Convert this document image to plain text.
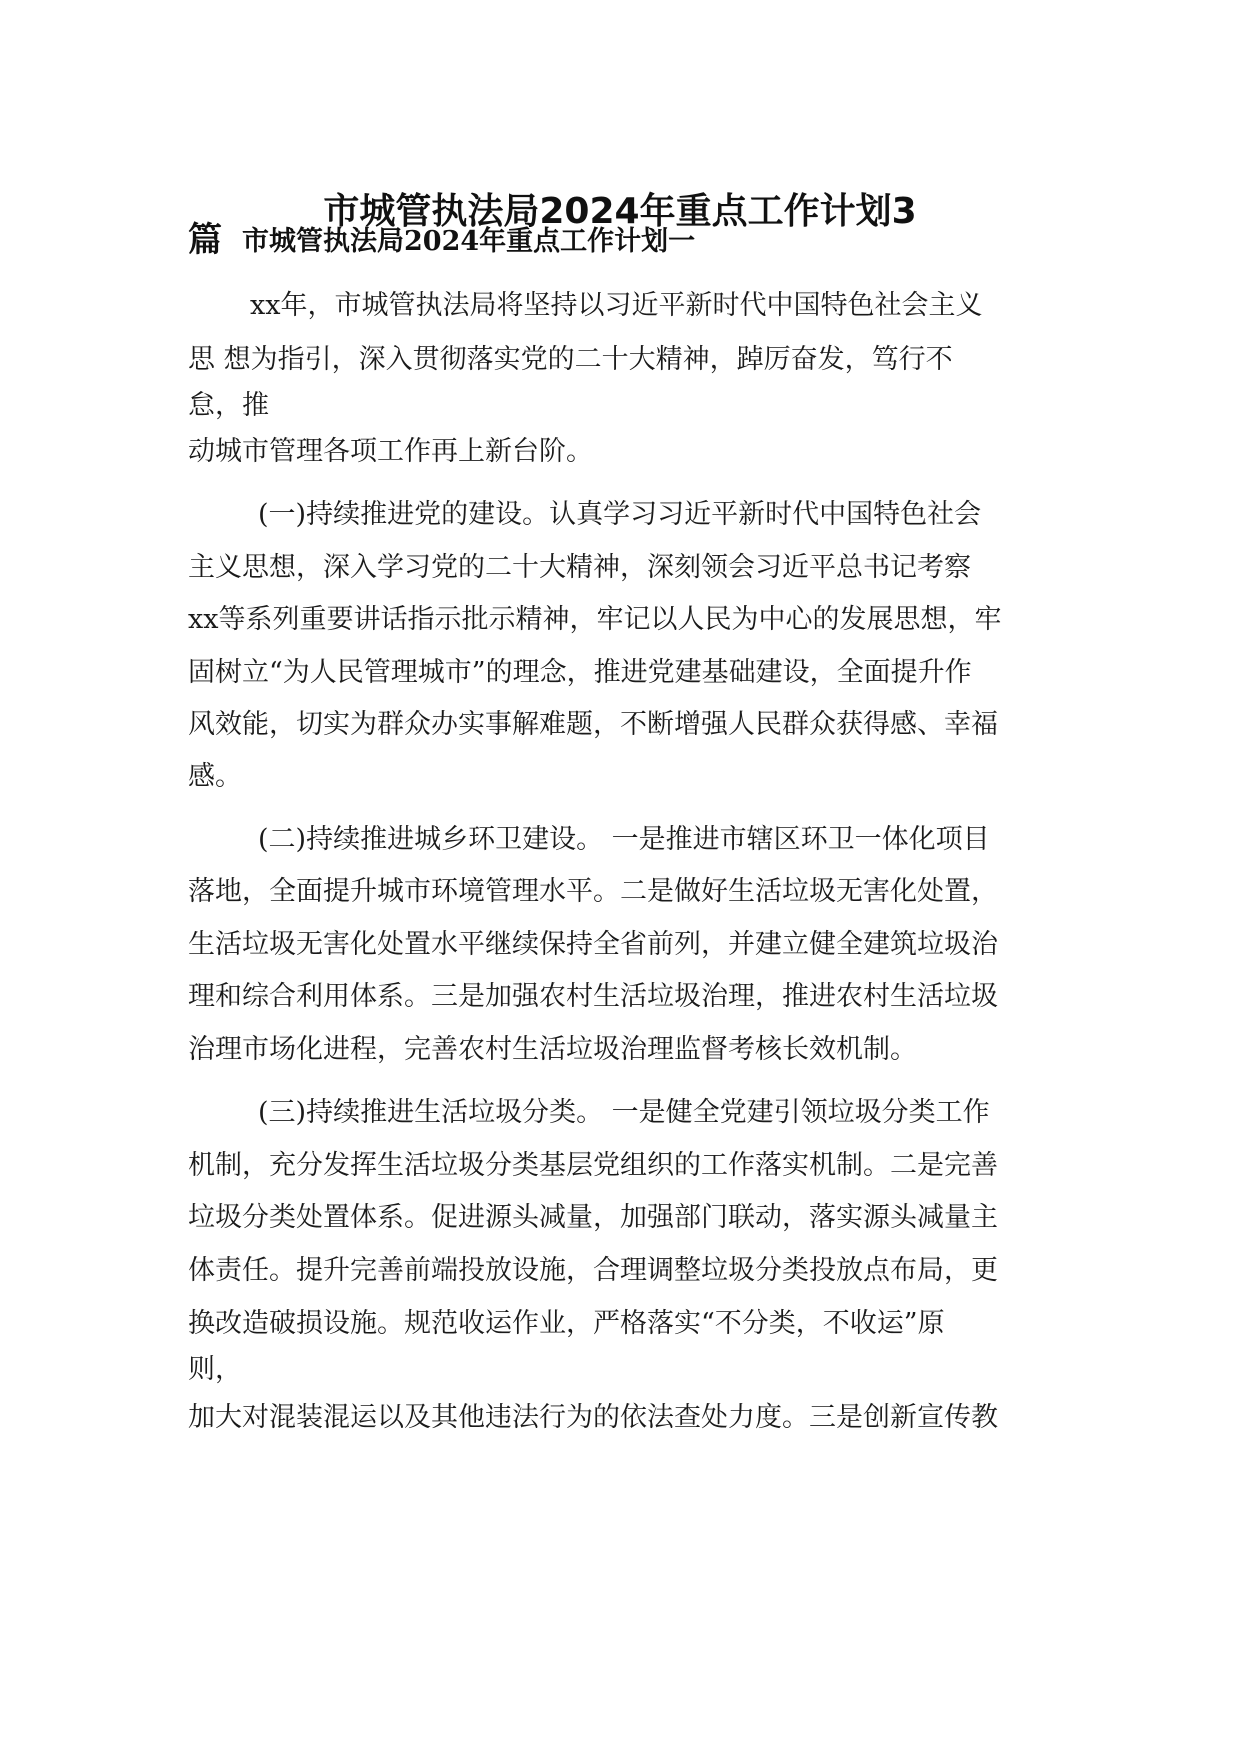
市城管执法局2024年重点工作计划3
篇 市城管执法局2024年重点工作计划一

xx年，市城管执法局将坚持以习近平新时代中国特色社会主义

思 想为指引，深入贯彻落实党的二十大精神，踔厉奋发，笃行不

怠，推

动城市管理各项工作再上新台阶。

(一)持续推进党的建设。认真学习习近平新时代中国特色社会

主义思想，深入学习党的二十大精神，深刻领会习近平总书记考察

xx等系列重要讲话指示批示精神，牢记以人民为中心的发展思想，牢

固树立“为人民管理城市”的理念，推进党建基础建设，全面提升作

风效能，切实为群众办实事解难题，不断增强人民群众获得感、幸福

感。

(二)持续推进城乡环卫建设。 一是推进市辖区环卫一体化项目

落地，全面提升城市环境管理水平。二是做好生活垃圾无害化处置，

生活垃圾无害化处置水平继续保持全省前列，并建立健全建筑垃圾治

理和综合利用体系。三是加强农村生活垃圾治理，推进农村生活垃圾

治理市场化进程，完善农村生活垃圾治理监督考核长效机制。

(三)持续推进生活垃圾分类。 一是健全党建引领垃圾分类工作

机制，充分发挥生活垃圾分类基层党组织的工作落实机制。二是完善

垃圾分类处置体系。促进源头减量，加强部门联动，落实源头减量主

体责任。提升完善前端投放设施，合理调整垃圾分类投放点布局，更

换改造破损设施。规范收运作业，严格落实“不分类，不收运”原

则，

加大对混装混运以及其他违法行为的依法查处力度。三是创新宣传教
